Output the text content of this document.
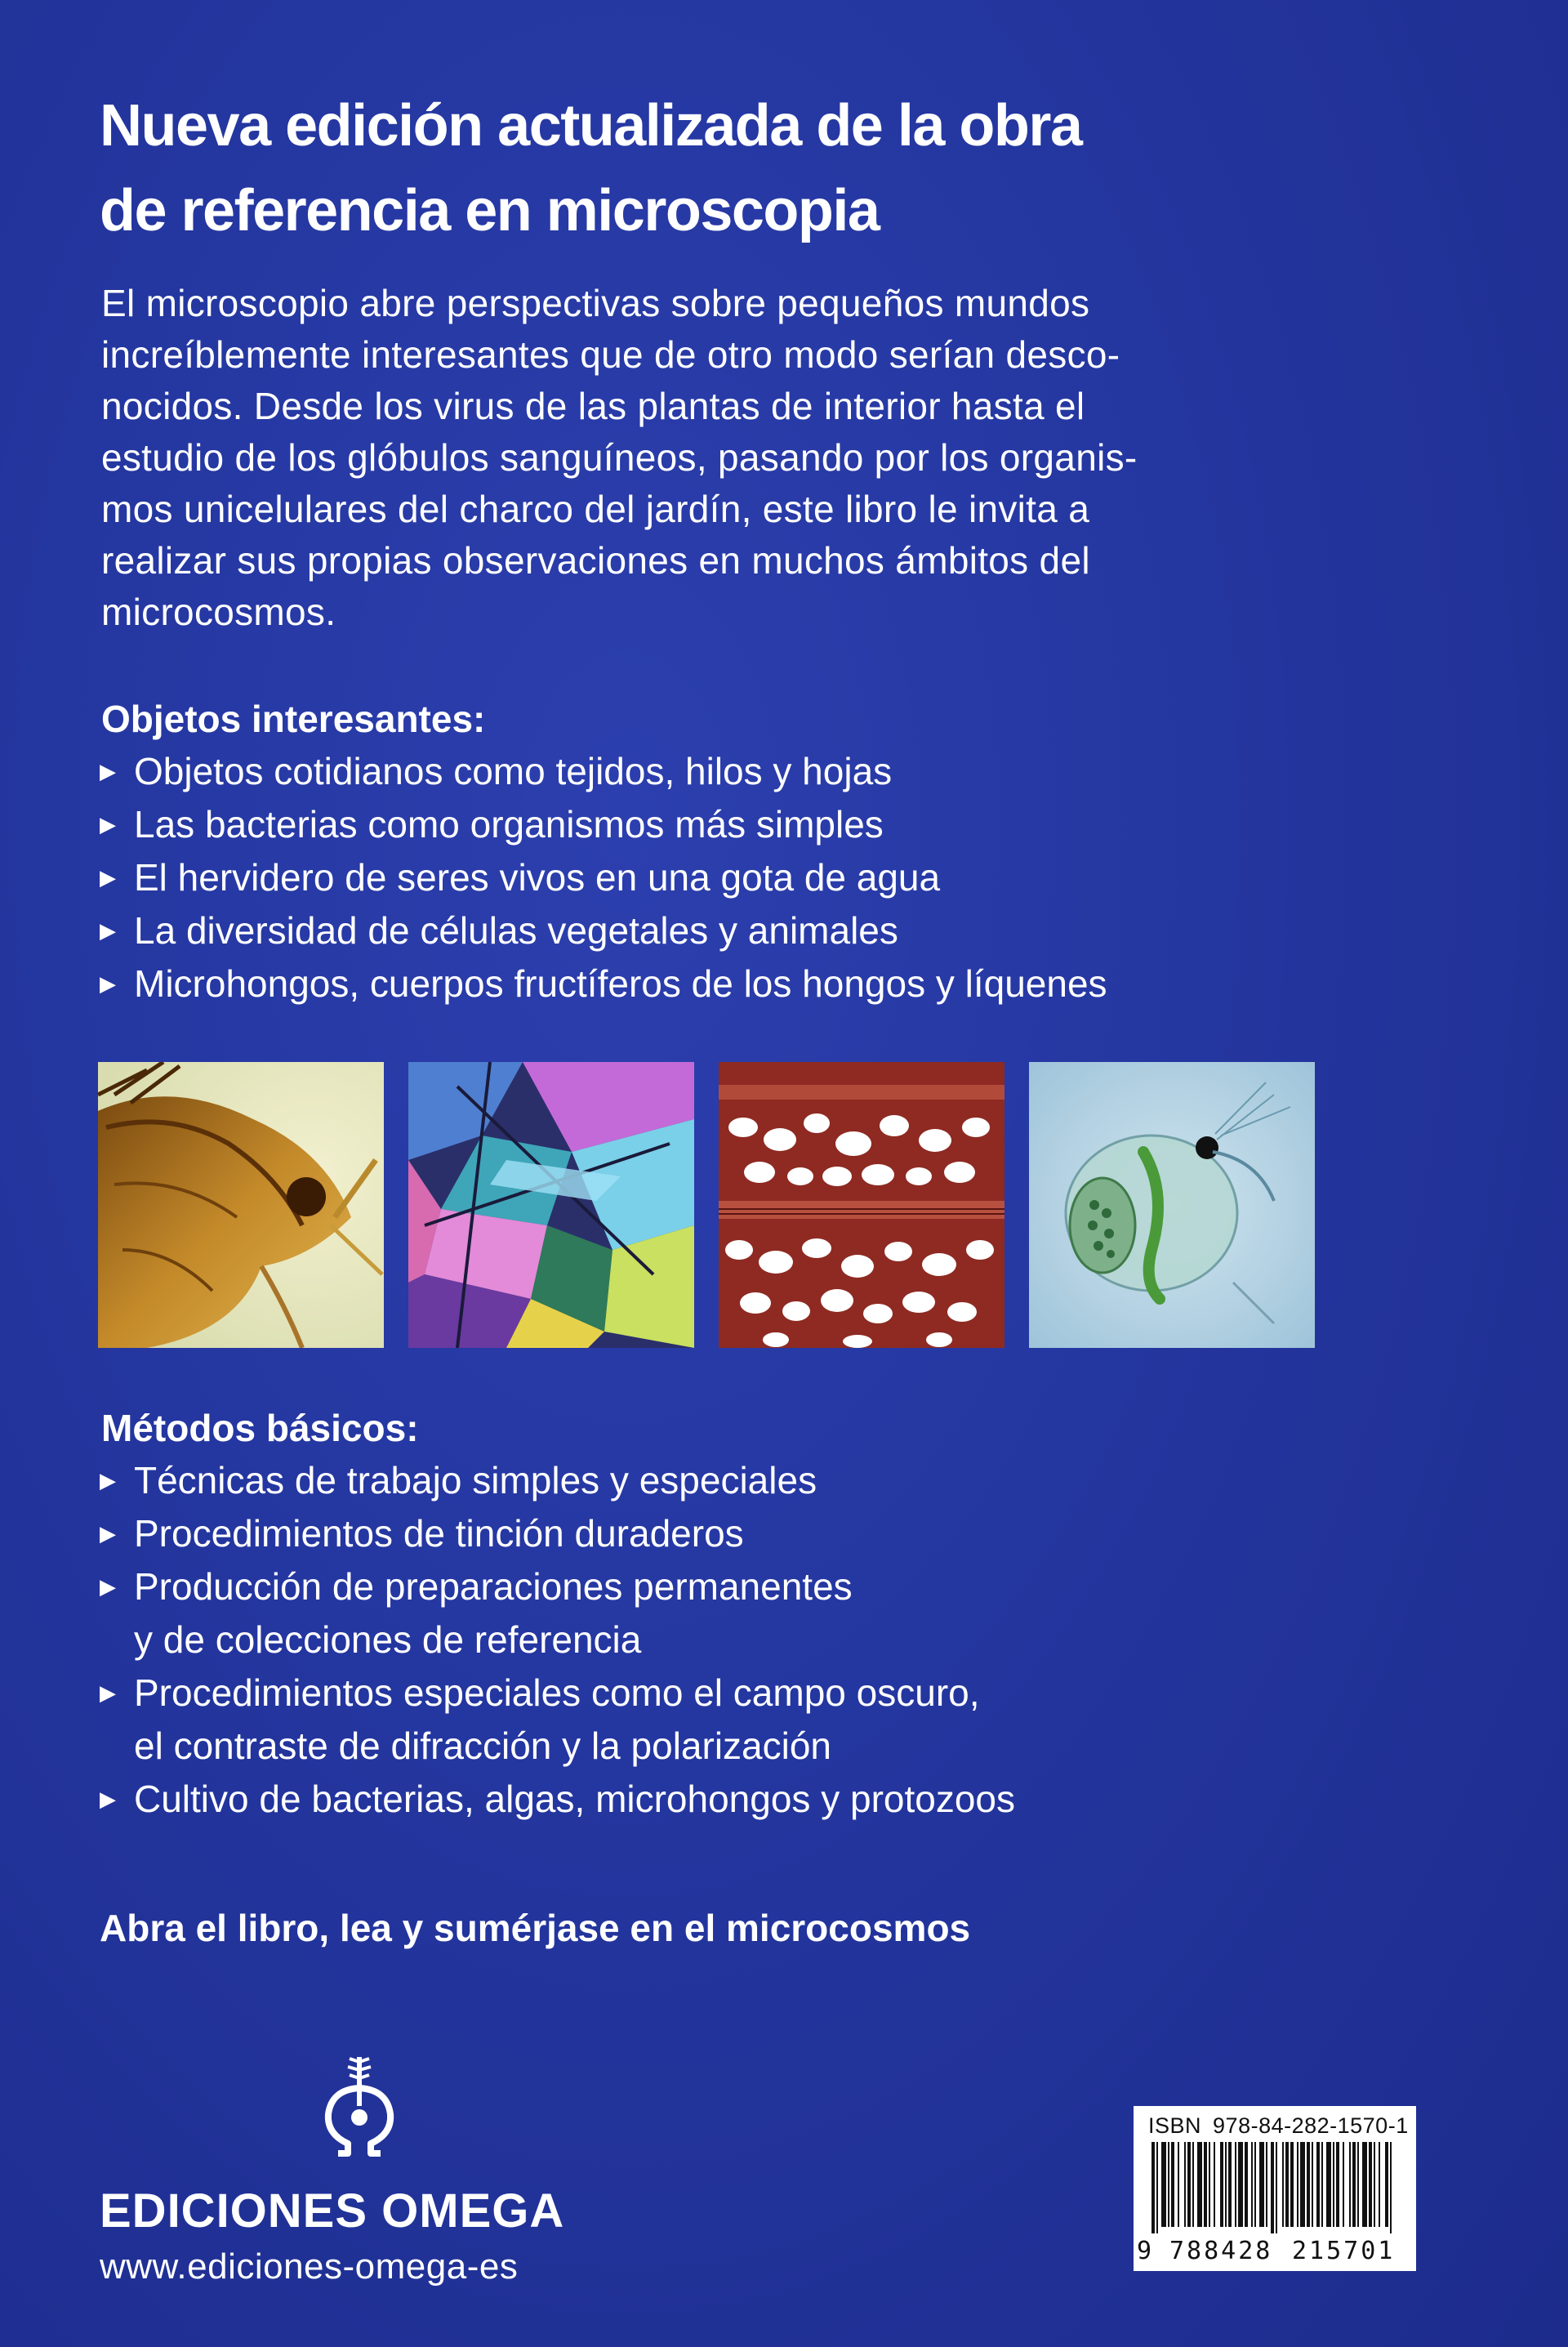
Nueva edición actualizada de la obra
de referencia en microscopia
El microscopio abre perspectivas sobre pequeños mundos
increíblemente interesantes que de otro modo serían desco-
nocidos. Desde los virus de las plantas de interior hasta el
estudio de los glóbulos sanguíneos, pasando por los organis-
mos unicelulares del charco del jardín, este libro le invita a
realizar sus propias observaciones en muchos ámbitos del
microcosmos.
Objetos interesantes:
▶ Objetos cotidianos como tejidos, hilos y hojas
▶ Las bacterias como organismos más simples
▶ El hervidero de seres vivos en una gota de agua
▶ La diversidad de células vegetales y animales
▶ Microhongos, cuerpos fructíferos de los hongos y líquenes
Métodos básicos:
▶ Técnicas de trabajo simples y especiales
▶ Procedimientos de tinción duraderos
▶ Producción de preparaciones permanentes
y de colecciones de referencia
▶ Procedimientos especiales como el campo oscuro,
el contraste de difracción y la polarización
▶ Cultivo de bacterias, algas, microhongos y protozoos
Abra el libro, lea y sumérjase en el microcosmos
EDICIONES OMEGA
www.ediciones-omega-es
ISBN 978-84-282-1570-1
9 788428 215701
